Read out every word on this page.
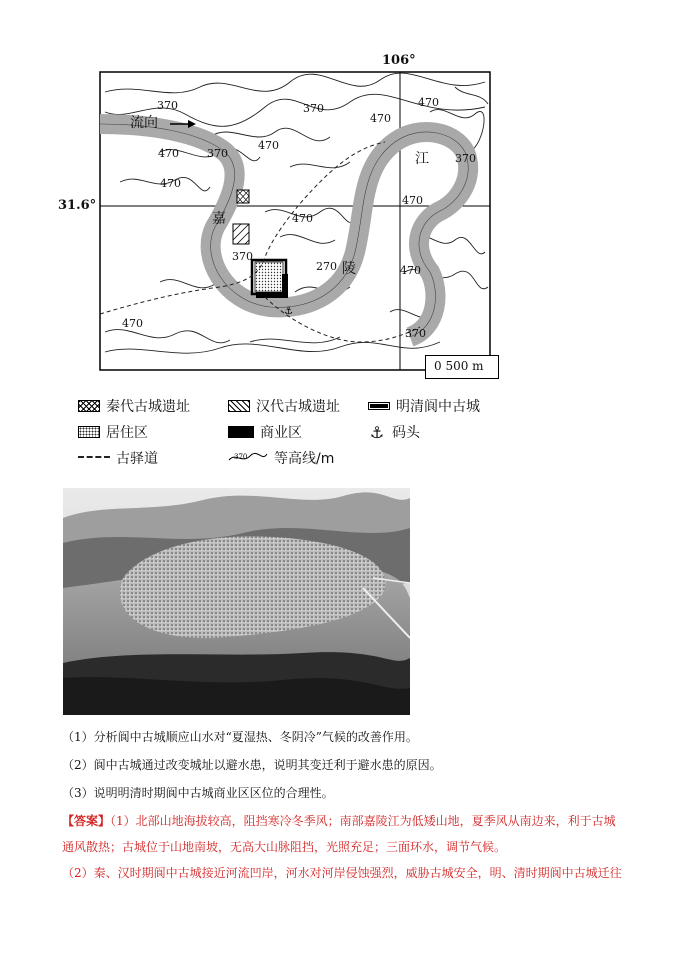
⚓
106°
31.6°
流向
嘉
陵
江
370
470	370
470
470
370	470
470
270
470
470
370
470
370
470
370
0 500 m
秦代古城遗址	汉代古城遗址	明清阆中古城
居住区	商业区	⚓ 码头
古驿道	370 等高线/m
（1）分析阆中古城顺应山水对“夏湿热、冬阴冷”气候的改善作用。
（2）阆中古城通过改变城址以避水患，说明其变迁利于避水患的原因。
（3）说明明清时期阆中古城商业区区位的合理性。
【答案】（1）北部山地海拔较高，阻挡寒冷冬季风；南部嘉陵江为低矮山地，夏季风从南边来，利于古城
通风散热；古城位于山地南坡，无高大山脉阻挡，光照充足；三面环水，调节气候。
（2）秦、汉时期阆中古城接近河流凹岸，河水对河岸侵蚀强烈，威胁古城安全，明、清时期阆中古城迁往
